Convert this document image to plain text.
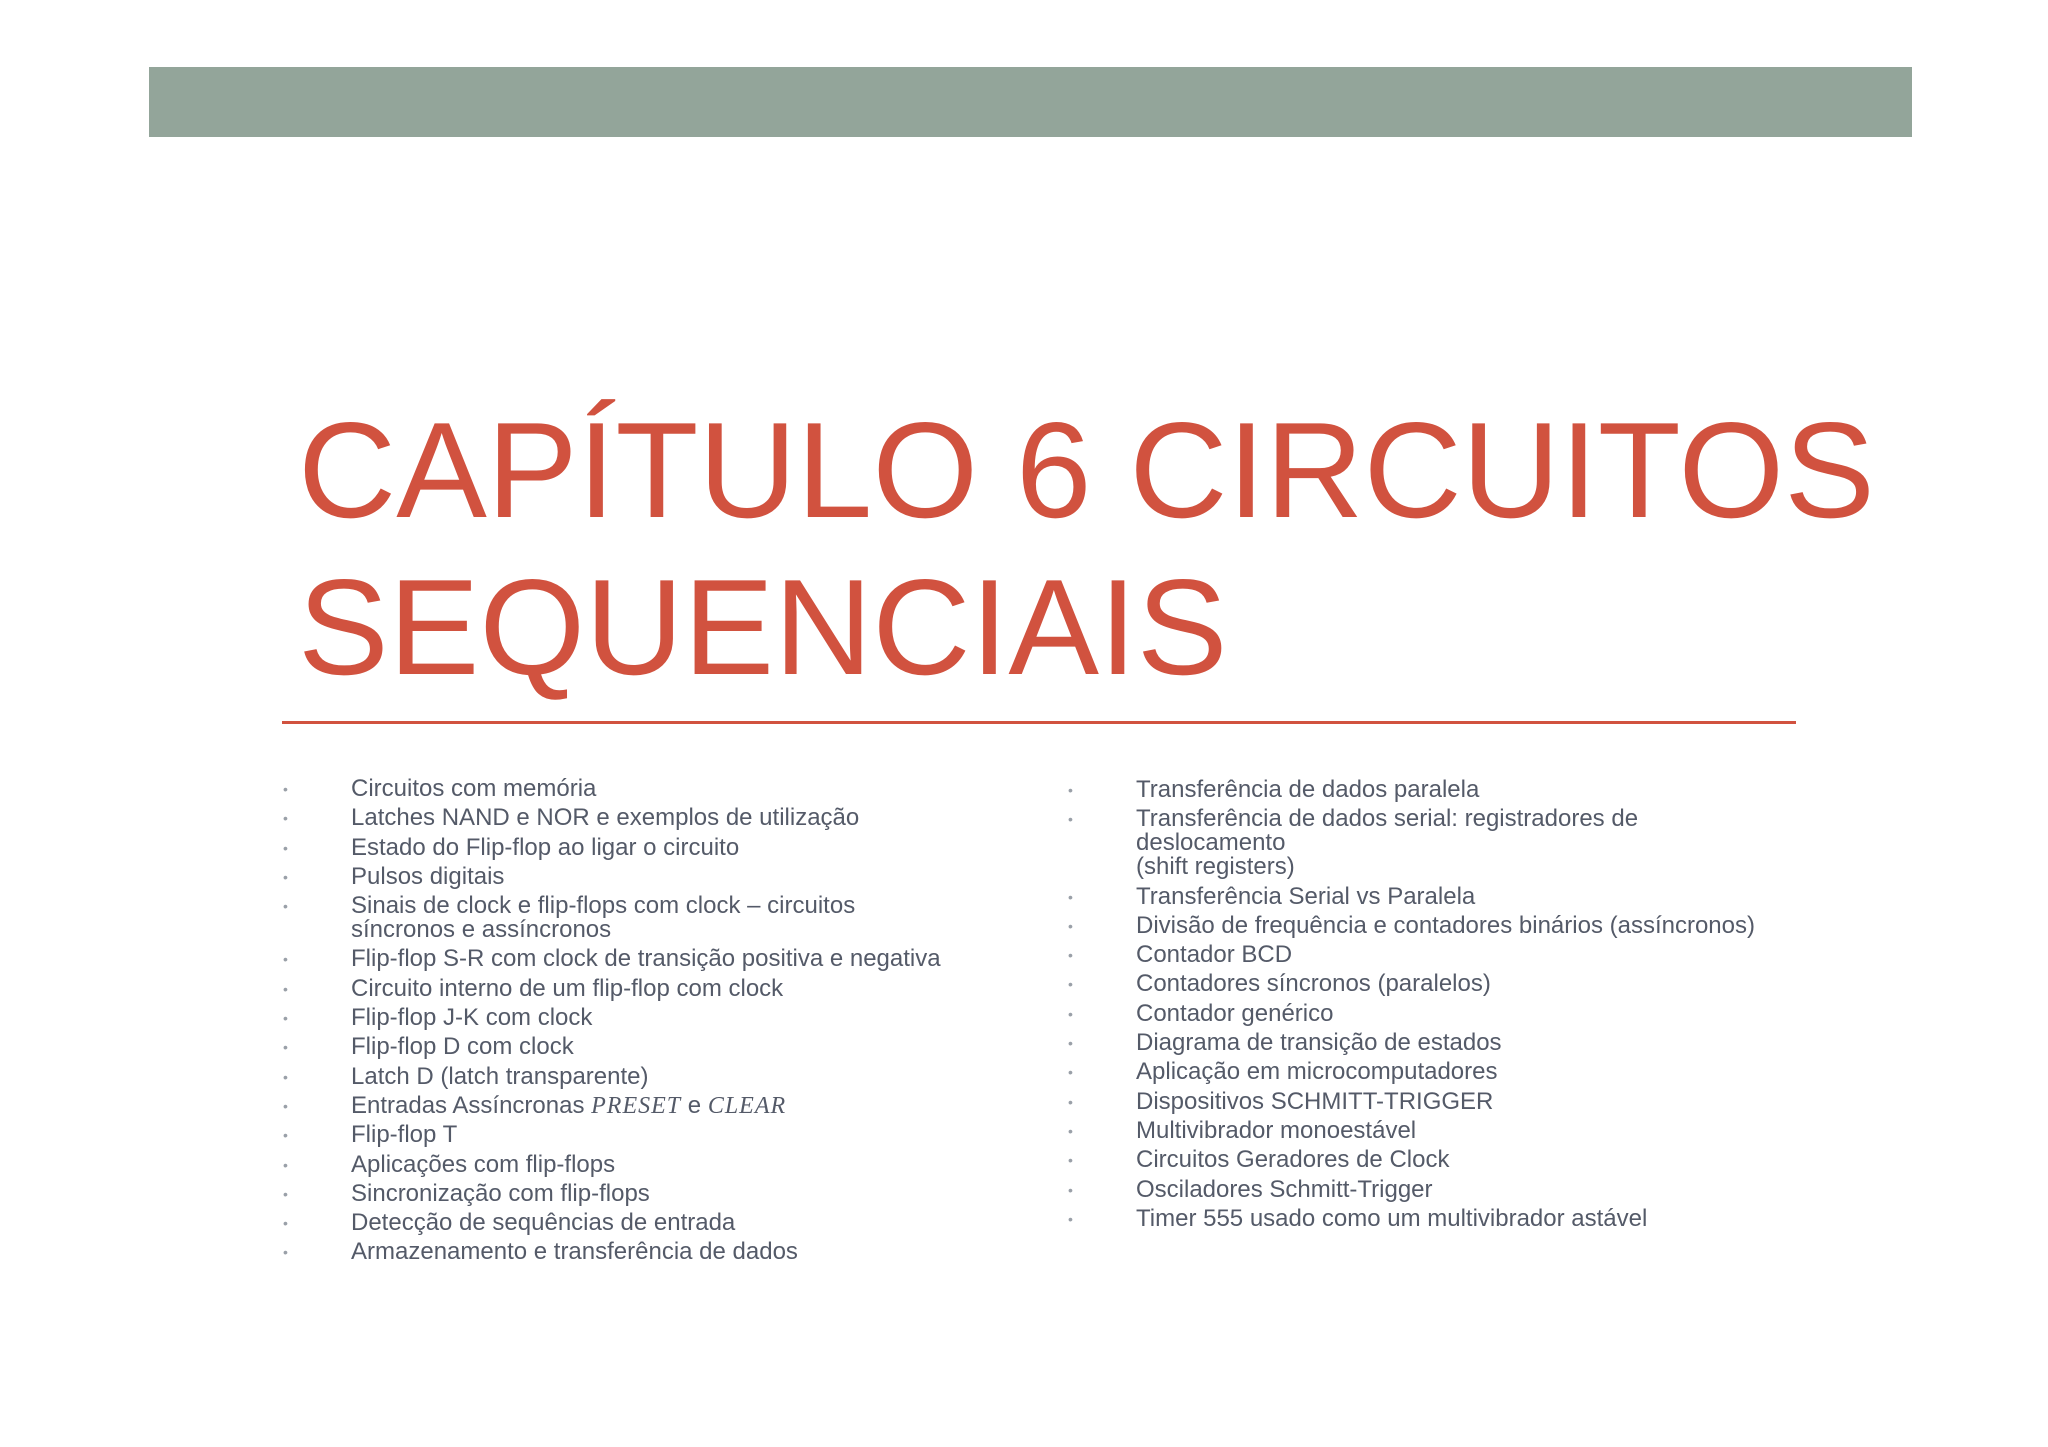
CAPÍTULO 6 CIRCUITOS
SEQUENCIAIS
•	Circuitos com memória
•	Latches NAND e NOR e exemplos de utilização
•	Estado do Flip-flop ao ligar o circuito
•	Pulsos digitais
•	Sinais de clock e flip-flops com clock – circuitos
síncronos e assíncronos
•	Flip-flop S-R com clock de transição positiva e negativa
•	Circuito interno de um flip-flop com clock
•	Flip-flop J-K com clock
•	Flip-flop D com clock
•	Latch D (latch transparente)
•	Entradas Assíncronas PRESET e CLEAR
•	Flip-flop T
•	Aplicações com flip-flops
•	Sincronização com flip-flops
•	Detecção de sequências de entrada
•	Armazenamento e transferência de dados
•	Transferência de dados paralela
•	Transferência de dados serial: registradores de
deslocamento
(shift registers)
•	Transferência Serial vs Paralela
•	Divisão de frequência e contadores binários (assíncronos)
•	Contador BCD
•	Contadores síncronos (paralelos)
•	Contador genérico
•	Diagrama de transição de estados
•	Aplicação em microcomputadores
•	Dispositivos SCHMITT-TRIGGER
•	Multivibrador monoestável
•	Circuitos Geradores de Clock
•	Osciladores Schmitt-Trigger
•	Timer 555 usado como um multivibrador astável
